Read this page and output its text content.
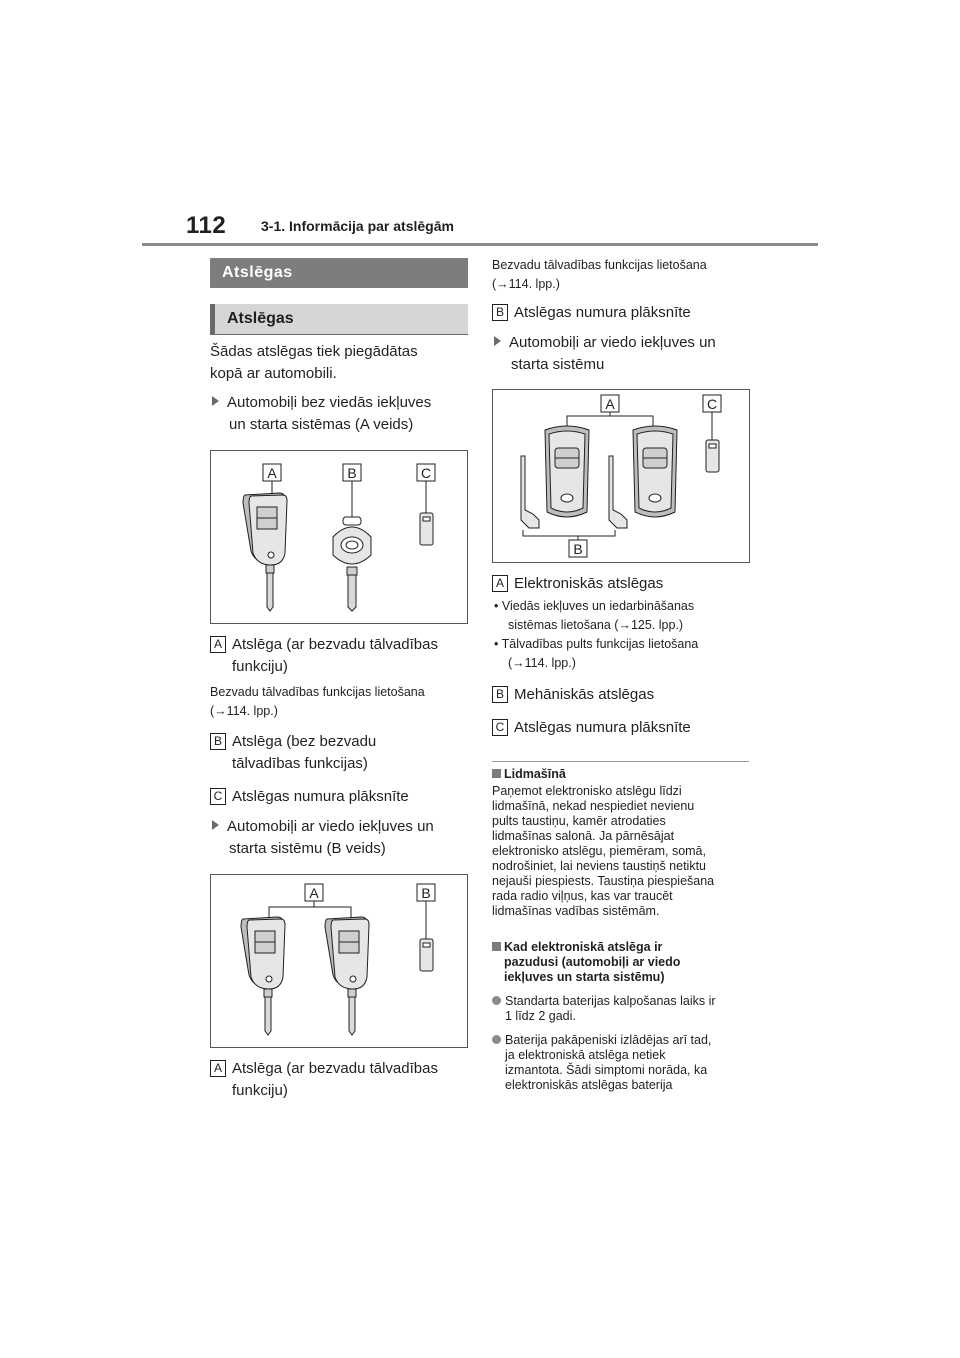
112 3-1. Informācija par atslēgām
Atslēgas
Atslēgas
Šādas atslēgas tiek piegādātas
kopā ar automobili.
Automobiļi bez viedās iekļuves
un starta sistēmas (A veids)
A	B	C
A Atslēga (ar bezvadu tālvadības
funkciju)
Bezvadu tālvadības funkcijas lietošana
(→114. lpp.)
B Atslēga (bez bezvadu
tālvadības funkcijas)
C Atslēgas numura plāksnīte
Automobiļi ar viedo iekļuves un
starta sistēmu (B veids)
A	B
A Atslēga (ar bezvadu tālvadības
funkciju)
Bezvadu tālvadības funkcijas lietošana
(→114. lpp.)
B Atslēgas numura plāksnīte
Automobiļi ar viedo iekļuves un
starta sistēmu
A	C
B
A Elektroniskās atslēgas
• Viedās iekļuves un iedarbināšanas
sistēmas lietošana (→125. lpp.)
• Tālvadības pults funkcijas lietošana
(→114. lpp.)
B Mehāniskās atslēgas
C Atslēgas numura plāksnīte
Lidmašīnā
Paņemot elektronisko atslēgu līdzi
lidmašīnā, nekad nespiediet nevienu
pults taustiņu, kamēr atrodaties
lidmašīnas salonā. Ja pārnēsājat
elektronisko atslēgu, piemēram, somā,
nodrošiniet, lai neviens taustiņš netiktu
nejauši piespiests. Taustiņa piespiešana
rada radio viļņus, kas var traucēt
lidmašīnas vadības sistēmām.
Kad elektroniskā atslēga ir
pazudusi (automobiļi ar viedo
iekļuves un starta sistēmu)
Standarta baterijas kalpošanas laiks ir
1 līdz 2 gadi.
Baterija pakāpeniski izlādējas arī tad,
ja elektroniskā atslēga netiek
izmantota. Šādi simptomi norāda, ka
elektroniskās atslēgas baterija
